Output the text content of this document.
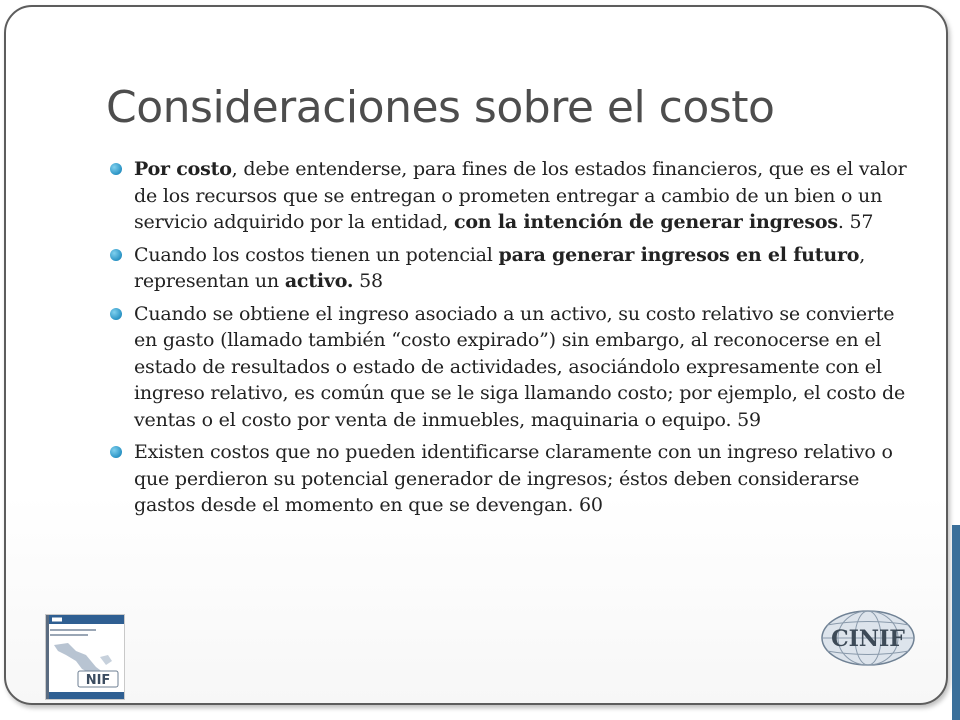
Consideraciones sobre el costo
Por costo, debe entenderse, para fines de los estados financieros, que es el valor de los recursos que se entregan o prometen entregar a cambio de un bien o un servicio adquirido por la entidad, con la intención de generar ingresos. 57
Cuando los costos tienen un potencial para generar ingresos en el futuro, representan un activo. 58
Cuando se obtiene el ingreso asociado a un activo, su costo relativo se convierte en gasto (llamado también “costo expirado”) sin embargo, al reconocerse en el estado de resultados o estado de actividades, asociándolo expresamente con el ingreso relativo, es común que se le siga llamando costo; por ejemplo, el costo de ventas o el costo por venta de inmuebles, maquinaria o equipo. 59
Existen costos que no pueden identificarse claramente con un ingreso relativo o que perdieron su potencial generador de ingresos; éstos deben considerarse gastos desde el momento en que se devengan. 60
NIF
CINIF
